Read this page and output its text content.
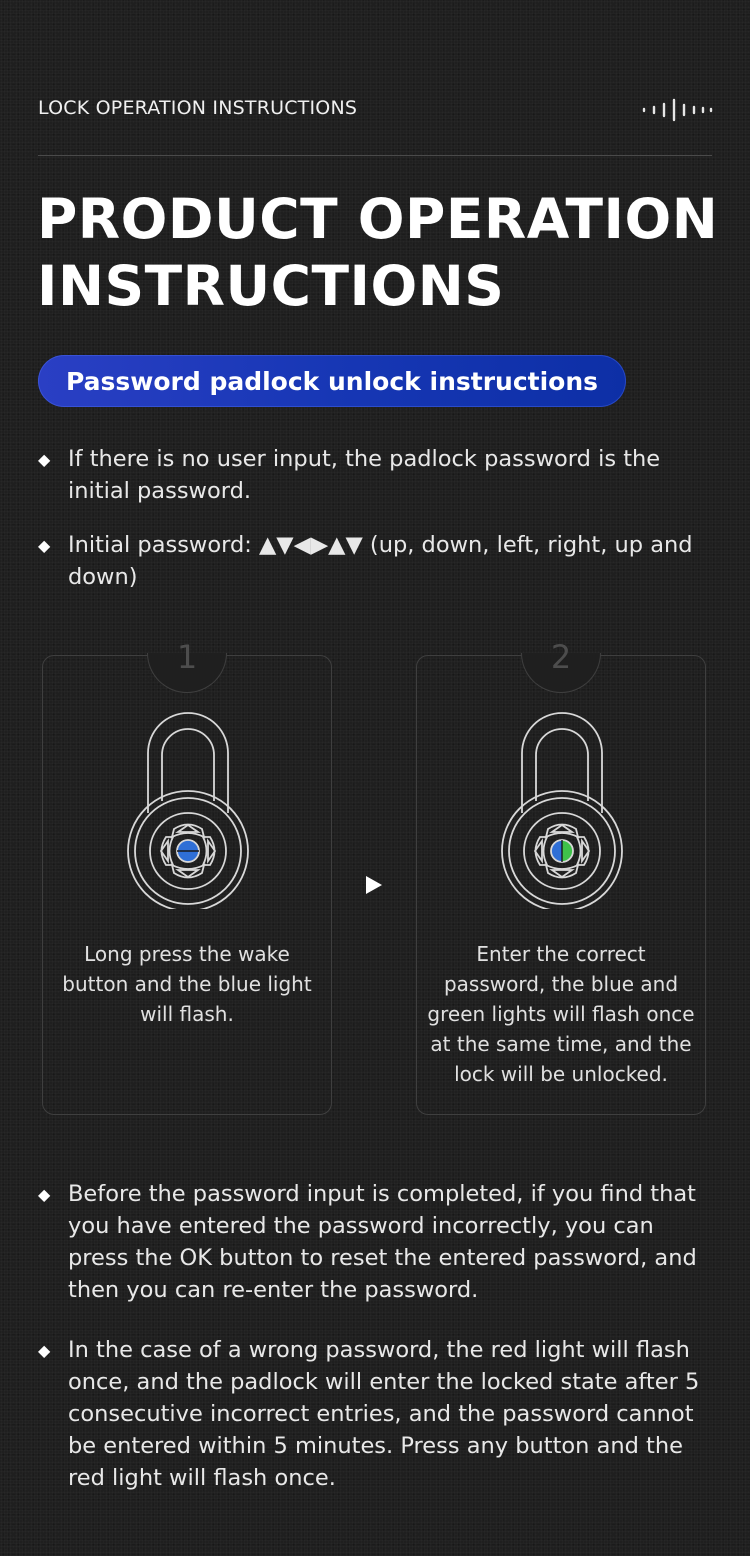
LOCK OPERATION INSTRUCTIONS
PRODUCT OPERATION
INSTRUCTIONS
Password padlock unlock instructions
◆ If there is no user input, the padlock password is the initial password.
◆ Initial password: ▲▼◀▶▲▼ (up, down, left, right, up and down)
1
Long press the wake button and the blue light will flash.
2
Enter the correct password, the blue and green lights will flash once at the same time, and the lock will be unlocked.
◆ Before the password input is completed, if you find that you have entered the password incorrectly, you can press the OK button to reset the entered password, and then you can re-enter the password.
◆ In the case of a wrong password, the red light will flash once, and the padlock will enter the locked state after 5 consecutive incorrect entries, and the password cannot be entered within 5 minutes. Press any button and the red light will flash once.
